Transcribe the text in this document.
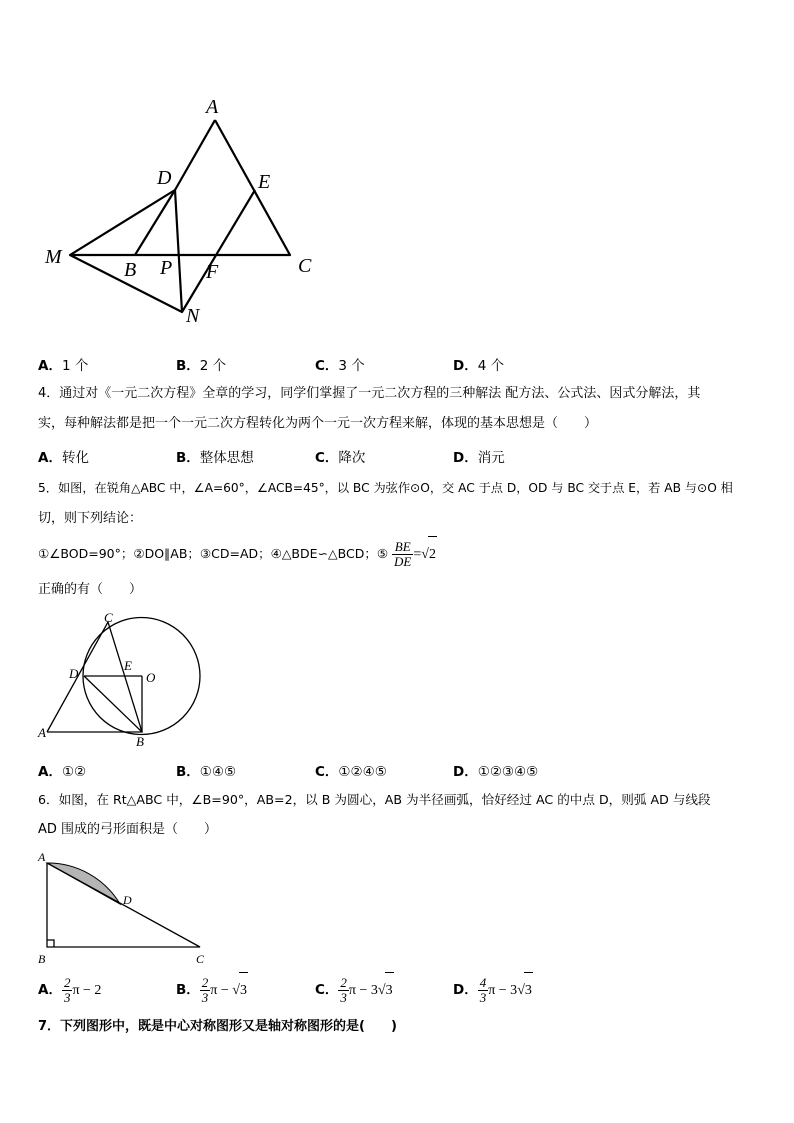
A
D	E
M
B P F	C
N
A．1 个	B．2 个	C．3 个	D．4 个
4．通过对《一元二次方程》全章的学习，同学们掌握了一元二次方程的三种解法 配方法、公式法、因式分解法，其
实，每种解法都是把一个一元二次方程转化为两个一元一次方程来解，体现的基本思想是（　　）
A．转化	B．整体思想	C．降次	D．消元
5．如图，在锐角△ABC 中，∠A=60°，∠ACB=45°，以 BC 为弦作⊙O，交 AC 于点 D，OD 与 BC 交于点 E，若 AB 与⊙O 相
切，则下列结论：
①∠BOD=90°；②DO∥AB；③CD=AD；④△BDE∽△BCD；⑤ $\frac{BE}{DE} =√2$
正确的有（　　）
C
D
E
O
A
B
A．①②	B．①④⑤	C．①②④⑤	D．①②③④⑤
6．如图，在 Rt△ABC 中，∠B=90°，AB=2，以 B 为圆心，AB 为半径画弧，恰好经过 AC 的中点 D，则弧 AD 与线段
AD 围成的弓形面积是（　　）
A
D
B	C
A． $\frac{2}{3}$ π − 2	B． $\frac{2}{3}$ π − √3	C． $\frac{2}{3}$ π − 3√3	D． $\frac{4}{3}$ π − 3√3
7．下列图形中，既是中心对称图形又是轴对称图形的是(　　)
